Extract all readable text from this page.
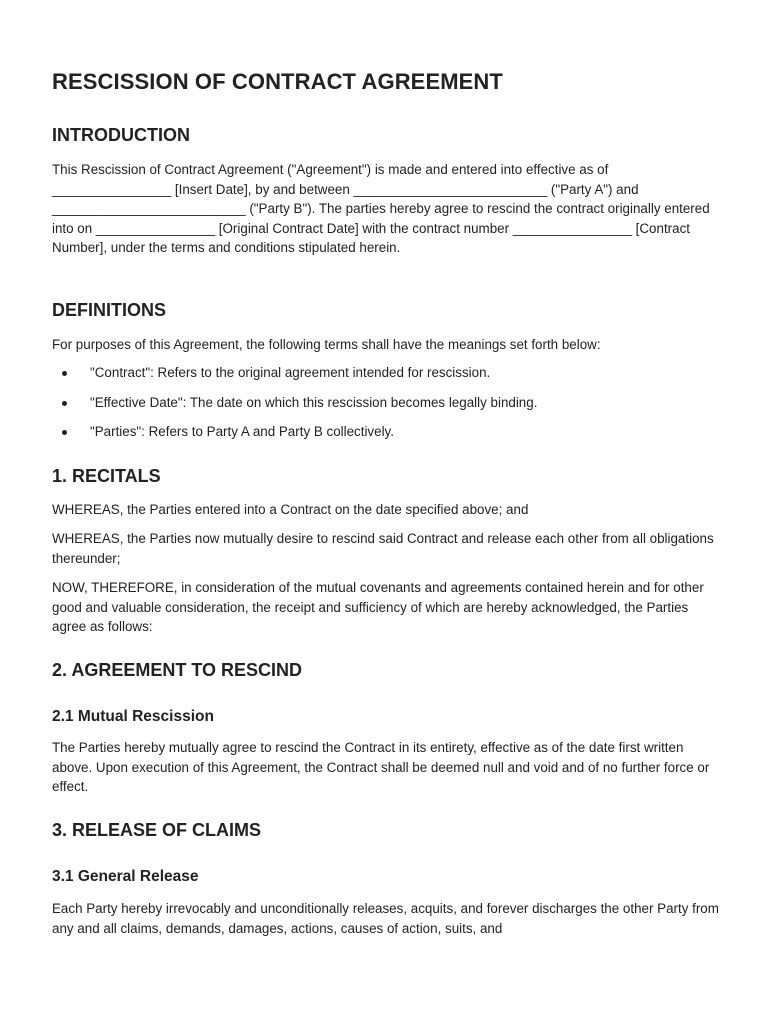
RESCISSION OF CONTRACT AGREEMENT
INTRODUCTION

This Rescission of Contract Agreement ("Agreement") is made and entered into effective as of ________________ [Insert Date], by and between __________________________ ("Party A") and __________________________ ("Party B"). The parties hereby agree to rescind the contract originally entered into on ________________ [Original Contract Date] with the contract number ________________ [Contract Number], under the terms and conditions stipulated herein.

DEFINITIONS

For purposes of this Agreement, the following terms shall have the meanings set forth below:

"Contract": Refers to the original agreement intended for rescission.
"Effective Date": The date on which this rescission becomes legally binding.
"Parties": Refers to Party A and Party B collectively.
1. RECITALS

WHEREAS, the Parties entered into a Contract on the date specified above; and

WHEREAS, the Parties now mutually desire to rescind said Contract and release each other from all obligations thereunder;

NOW, THEREFORE, in consideration of the mutual covenants and agreements contained herein and for other good and valuable consideration, the receipt and sufficiency of which are hereby acknowledged, the Parties agree as follows:

2. AGREEMENT TO RESCIND
2.1 Mutual Rescission

The Parties hereby mutually agree to rescind the Contract in its entirety, effective as of the date first written above. Upon execution of this Agreement, the Contract shall be deemed null and void and of no further force or effect.

3. RELEASE OF CLAIMS
3.1 General Release

Each Party hereby irrevocably and unconditionally releases, acquits, and forever discharges the other Party from any and all claims, demands, damages, actions, causes of action, suits, and
